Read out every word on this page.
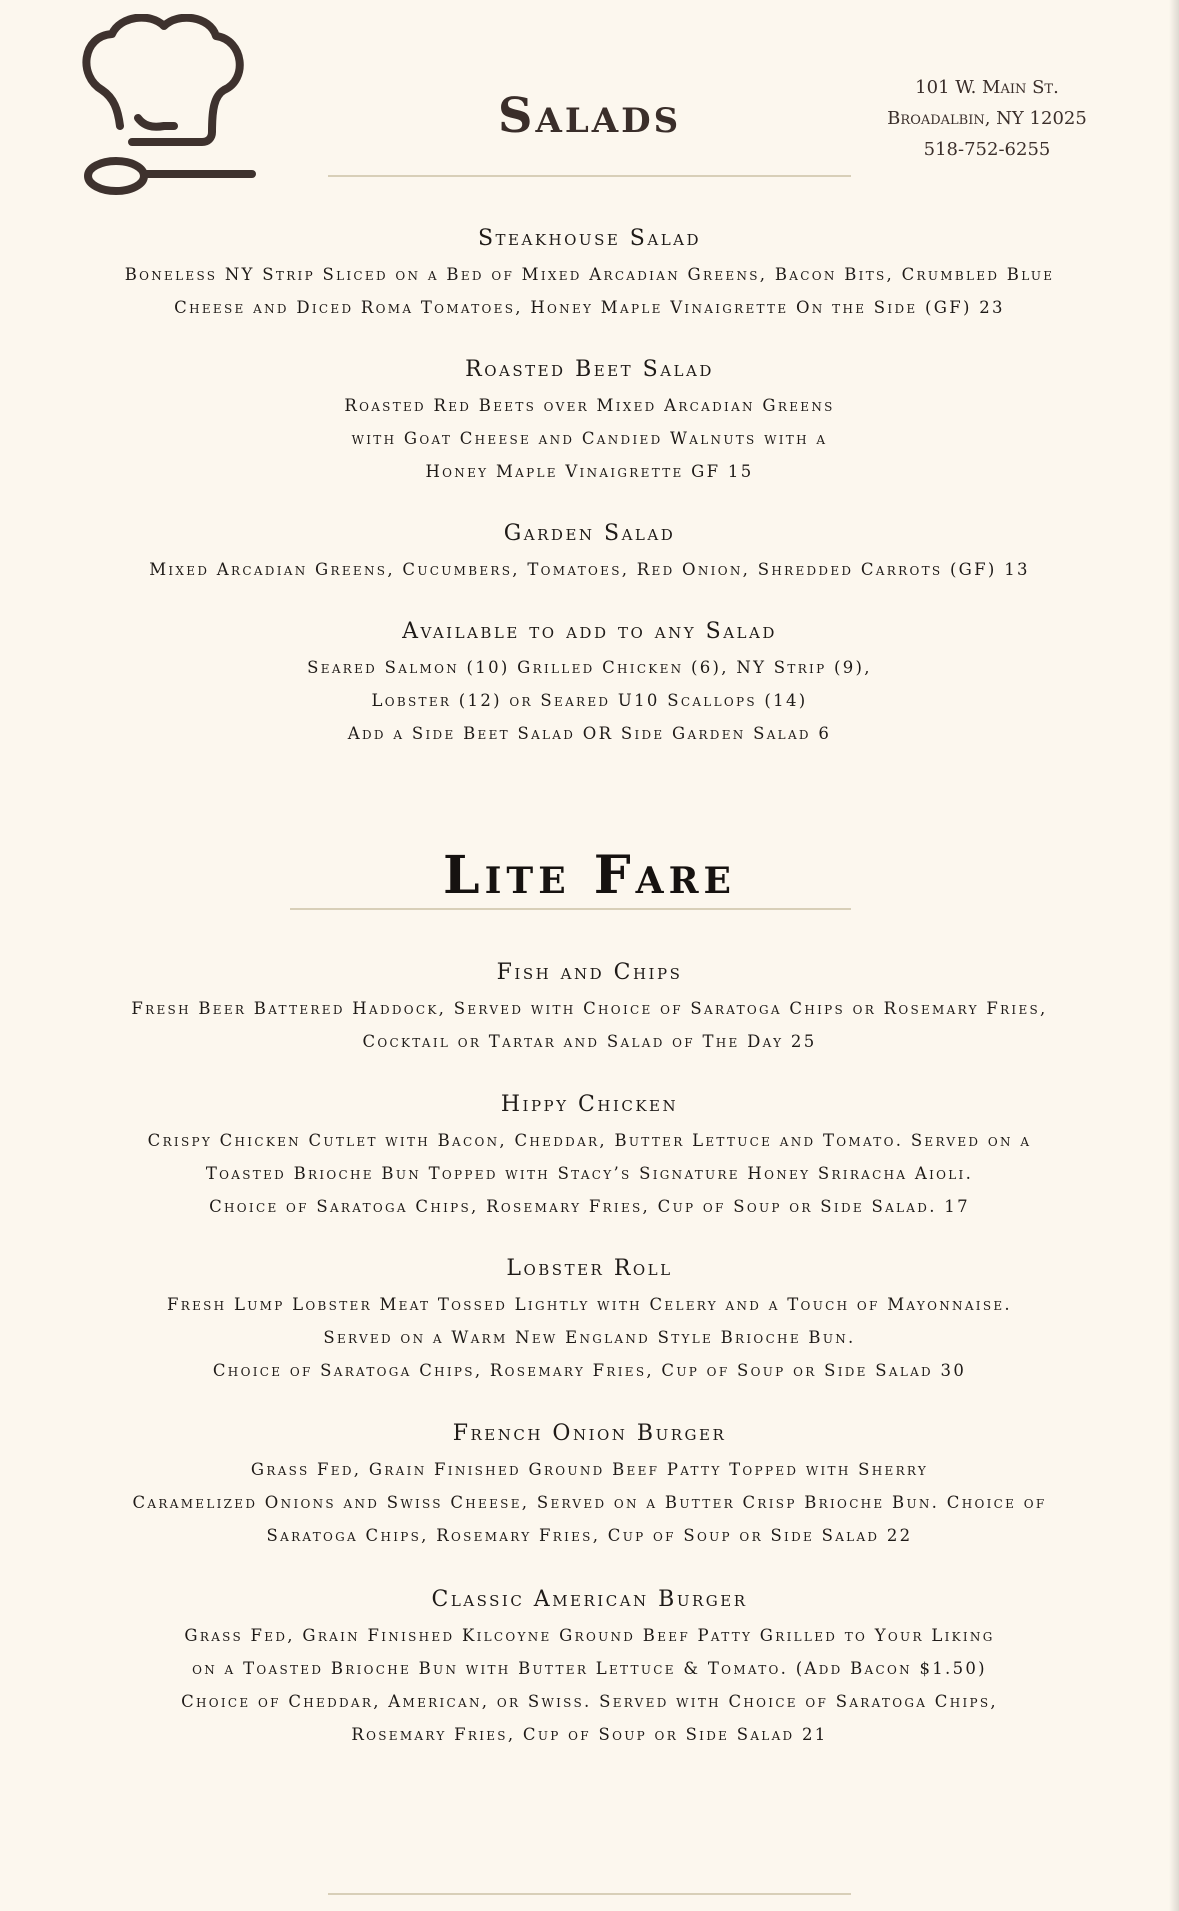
Salads
101 W. Main St.
Broadalbin, NY 12025
518-752-6255
Steakhouse Salad
Boneless NY Strip Sliced on a Bed of Mixed Arcadian Greens, Bacon Bits, Crumbled Blue
Cheese and Diced Roma Tomatoes, Honey Maple Vinaigrette On the Side (GF) 23
Roasted Beet Salad
Roasted Red Beets over Mixed Arcadian Greens
with Goat Cheese and Candied Walnuts with a
Honey Maple Vinaigrette GF 15
Garden Salad
Mixed Arcadian Greens, Cucumbers, Tomatoes, Red Onion, Shredded Carrots (GF) 13
Available to add to any Salad
Seared Salmon (10) Grilled Chicken (6), NY Strip (9),
Lobster (12) or Seared U10 Scallops (14)
Add a Side Beet Salad OR Side Garden Salad 6
Lite Fare
Fish and Chips
Fresh Beer Battered Haddock, Served with Choice of Saratoga Chips or Rosemary Fries,
Cocktail or Tartar and Salad of The Day 25
Hippy Chicken
Crispy Chicken Cutlet with Bacon, Cheddar, Butter Lettuce and Tomato. Served on a
Toasted Brioche Bun Topped with Stacy’s Signature Honey Sriracha Aioli.
Choice of Saratoga Chips, Rosemary Fries, Cup of Soup or Side Salad. 17
Lobster Roll
Fresh Lump Lobster Meat Tossed Lightly with Celery and a Touch of Mayonnaise.
Served on a Warm New England Style Brioche Bun.
Choice of Saratoga Chips, Rosemary Fries, Cup of Soup or Side Salad 30
French Onion Burger
Grass Fed, Grain Finished Ground Beef Patty Topped with Sherry
Caramelized Onions and Swiss Cheese, Served on a Butter Crisp Brioche Bun. Choice of
Saratoga Chips, Rosemary Fries, Cup of Soup or Side Salad 22
Classic American Burger
Grass Fed, Grain Finished Kilcoyne Ground Beef Patty Grilled to Your Liking
on a Toasted Brioche Bun with Butter Lettuce & Tomato. (Add Bacon $1.50)
Choice of Cheddar, American, or Swiss. Served with Choice of Saratoga Chips,
Rosemary Fries, Cup of Soup or Side Salad 21
